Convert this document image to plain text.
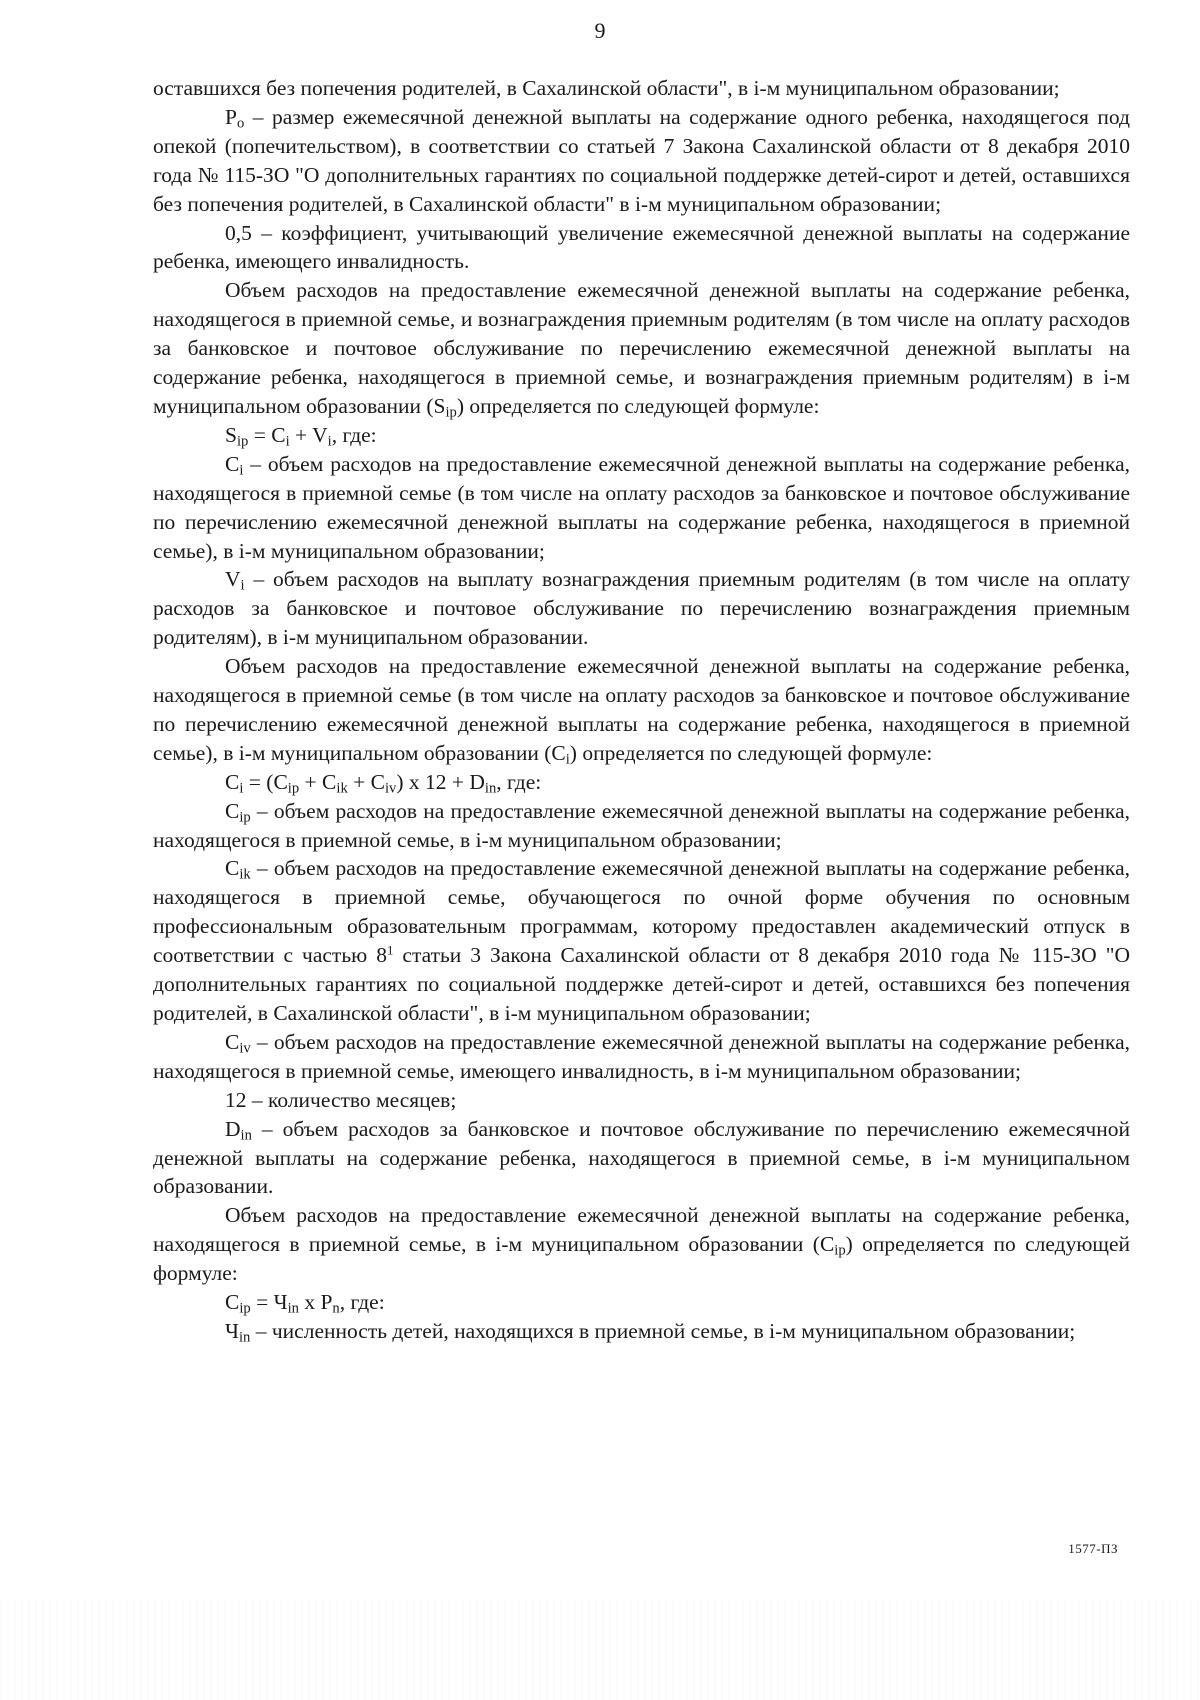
9

оставшихся без попечения родителей, в Сахалинской области", в i-м муниципальном образовании;

$P_o$ – размер ежемесячной денежной выплаты на содержание одного ребенка, находящегося под опекой (попечительством), в соответствии со статьей 7 Закона Сахалинской области от 8 декабря 2010 года № 115-ЗО "О дополнительных гарантиях по социальной поддержке детей-сирот и детей, оставшихся без попечения родителей, в Сахалинской области" в i-м муниципальном образовании;

0,5 – коэффициент, учитывающий увеличение ежемесячной денежной выплаты на содержание ребенка, имеющего инвалидность.

Объем расходов на предоставление ежемесячной денежной выплаты на содержание ребенка, находящегося в приемной семье, и вознаграждения приемным родителям (в том числе на оплату расходов за банковское и почтовое обслуживание по перечислению ежемесячной денежной выплаты на содержание ребенка, находящегося в приемной семье, и вознаграждения приемным родителям) в i-м муниципальном образовании $(S_{ip})$ определяется по следующей формуле:

$S_{ip} = C_i + V_i$, где:

$C_i$ – объем расходов на предоставление ежемесячной денежной выплаты на содержание ребенка, находящегося в приемной семье (в том числе на оплату расходов за банковское и почтовое обслуживание по перечислению ежемесячной денежной выплаты на содержание ребенка, находящегося в приемной семье), в i-м муниципальном образовании;

$V_i$ – объем расходов на выплату вознаграждения приемным родителям (в том числе на оплату расходов за банковское и почтовое обслуживание по перечислению вознаграждения приемным родителям), в i-м муниципальном образовании.

Объем расходов на предоставление ежемесячной денежной выплаты на содержание ребенка, находящегося в приемной семье (в том числе на оплату расходов за банковское и почтовое обслуживание по перечислению ежемесячной денежной выплаты на содержание ребенка, находящегося в приемной семье), в i-м муниципальном образовании $(C_i)$ определяется по следующей формуле:

$C_i = (C_{ip} + C_{ik} + C_{iv})$ x $12 + D_{in}$, где:

$C_{ip}$ – объем расходов на предоставление ежемесячной денежной выплаты на содержание ребенка, находящегося в приемной семье, в i-м муниципальном образовании;

$C_{ik}$ – объем расходов на предоставление ежемесячной денежной выплаты на содержание ребенка, находящегося в приемной семье, обучающегося по очной форме обучения по основным профессиональным образовательным программам, которому предоставлен академический отпуск в соответствии с частью $8^1$ статьи 3 Закона Сахалинской области от 8 декабря 2010 года № 115-ЗО "О дополнительных гарантиях по социальной поддержке детей-сирот и детей, оставшихся без попечения родителей, в Сахалинской области", в i-м муниципальном образовании;

$C_{iv}$ – объем расходов на предоставление ежемесячной денежной выплаты на содержание ребенка, находящегося в приемной семье, имеющего инвалидность, в i-м муниципальном образовании;

12 – количество месяцев;

$D_{in}$ – объем расходов за банковское и почтовое обслуживание по перечислению ежемесячной денежной выплаты на содержание ребенка, находящегося в приемной семье, в i-м муниципальном образовании.

Объем расходов на предоставление ежемесячной денежной выплаты на содержание ребенка, находящегося в приемной семье, в i-м муниципальном образовании $(C_{ip})$ определяется по следующей формуле:

$C_{ip} = Ч_{in}$ x $P_n$, где:

$Ч_{in}$ – численность детей, находящихся в приемной семье, в i-м муниципальном образовании;

1577-ПЗ
